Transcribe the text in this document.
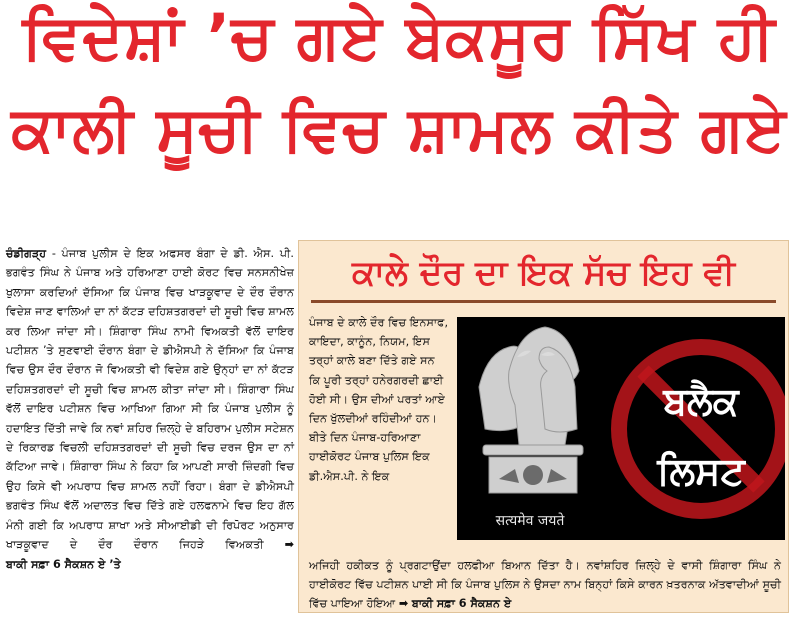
ਵਿਦੇਸ਼ਾਂ ’ਚ ਗਏ ਬੇਕਸੂਰ ਸਿੱਖ ਹੀ
ਕਾਲੀ ਸੂਚੀ ਵਿਚ ਸ਼ਾਮਲ ਕੀਤੇ ਗਏ
ਚੰਡੀਗੜ੍ਹ - ਪੰਜਾਬ ਪੁਲੀਸ ਦੇ ਇਕ ਅਫਸਰ ਬੰਗਾ ਦੇ ਡੀ. ਐਸ. ਪੀ. ਭਗਵੰਤ ਸਿੰਘ ਨੇ ਪੰਜਾਬ ਅਤੇ ਹਰਿਆਣਾ ਹਾਈ ਕੋਰਟ ਵਿਚ ਸਨਸਨੀਖੇਜ਼ ਖੁਲਾਸਾ ਕਰਦਿਆਂ ਦੱਸਿਆ ਕਿ ਪੰਜਾਬ ਵਿਚ ਖਾੜਕੂਵਾਦ ਦੇ ਦੌਰ ਦੌਰਾਨ ਵਿਦੇਸ਼ ਜਾਣ ਵਾਲਿਆਂ ਦਾ ਨਾਂ ਕੱਟੜ ਦਹਿਸ਼ਤਗਰਦਾਂ ਦੀ ਸੂਚੀ ਵਿਚ ਸ਼ਾਮਲ ਕਰ ਲਿਆ ਜਾਂਦਾ ਸੀ। ਸ਼ਿੰਗਾਰਾ ਸਿੰਘ ਨਾਮੀ ਵਿਅਕਤੀ ਵੱਲੋਂ ਦਾਇਰ ਪਟੀਸ਼ਨ ’ਤੇ ਸੁਣਵਾਈ ਦੌਰਾਨ ਬੰਗਾ ਦੇ ਡੀਐਸਪੀ ਨੇ ਦੱਸਿਆ ਕਿ ਪੰਜਾਬ ਵਿਚ ਉਸ ਦੌਰ ਦੌਰਾਨ ਜੋ ਵਿਅਕਤੀ ਵੀ ਵਿਦੇਸ਼ ਗਏ ਉਨ੍ਹਾਂ ਦਾ ਨਾਂ ਕੱਟੜ ਦਹਿਸ਼ਤਗਰਦਾਂ ਦੀ ਸੂਚੀ ਵਿਚ ਸ਼ਾਮਲ ਕੀਤਾ ਜਾਂਦਾ ਸੀ। ਸ਼ਿੰਗਾਰਾ ਸਿੰਘ ਵੱਲੋਂ ਦਾਇਰ ਪਟੀਸ਼ਨ ਵਿਚ ਆਖਿਆ ਗਿਆ ਸੀ ਕਿ ਪੰਜਾਬ ਪੁਲੀਸ ਨੂੰ ਹਦਾਇਤ ਦਿੱਤੀ ਜਾਵੇ ਕਿ ਨਵਾਂ ਸ਼ਹਿਰ ਜ਼ਿਲ੍ਹੇ ਦੇ ਬਹਿਰਾਮ ਪੁਲੀਸ ਸਟੇਸ਼ਨ ਦੇ ਰਿਕਾਰਡ ਵਿਚਲੀ ਦਹਿਸ਼ਤਗਰਦਾਂ ਦੀ ਸੂਚੀ ਵਿਚ ਦਰਜ ਉਸ ਦਾ ਨਾਂ ਕੱਟਿਆ ਜਾਵੇ। ਸ਼ਿੰਗਾਰਾ ਸਿੰਘ ਨੇ ਕਿਹਾ ਕਿ ਆਪਣੀ ਸਾਰੀ ਜ਼ਿੰਦਗੀ ਵਿਚ ਉਹ ਕਿਸੇ ਵੀ ਅਪਰਾਧ ਵਿਚ ਸ਼ਾਮਲ ਨਹੀਂ ਰਿਹਾ। ਬੰਗਾ ਦੇ ਡੀਐਸਪੀ ਭਗਵੰਤ ਸਿੰਘ ਵੱਲੋਂ ਅਦਾਲਤ ਵਿਚ ਦਿੱਤੇ ਗਏ ਹਲਫਨਾਮੇ ਵਿਚ ਇਹ ਗੱਲ ਮੰਨੀ ਗਈ ਕਿ ਅਪਰਾਧ ਸ਼ਾਖਾ ਅਤੇ ਸੀਆਈਡੀ ਦੀ ਰਿਪੋਰਟ ਅਨੁਸਾਰ ਖਾੜਕੂਵਾਦ ਦੇ ਦੌਰ ਦੌਰਾਨ ਜਿਹੜੇ ਵਿਅਕਤੀ ➡ ਬਾਕੀ ਸਫ਼ਾ 6 ਸੈਕਸ਼ਨ ਏ ’ਤੇ
ਕਾਲੇ ਦੌਰ ਦਾ ਇਕ ਸੱਚ ਇਹ ਵੀ

ਪੰਜਾਬ ਦੇ ਕਾਲੇ ਦੌਰ ਵਿਚ ਇਨਸਾਫ, ਕਾਇਦਾ, ਕਾਨੂੰਨ, ਨਿਯਮ, ਇਸ ਤਰ੍ਹਾਂ ਕਾਲੇ ਬਣਾ ਦਿੱਤੇ ਗਏ ਸਨ ਕਿ ਪੂਰੀ ਤਰ੍ਹਾਂ ਹਨੇਰਗਰਦੀ ਛਾਈ ਹੋਈ ਸੀ। ਉਸ ਦੀਆਂ ਪਰਤਾਂ ਆਏ ਦਿਨ ਖੁੱਲਦੀਆਂ ਰਹਿੰਦੀਆਂ ਹਨ। ਬੀਤੇ ਦਿਨ ਪੰਜਾਬ-ਹਰਿਆਣਾ ਹਾਈਕੋਰਟ ਪੰਜਾਬ ਪੁਲਿਸ ਇਕ ਡੀ.ਐਸ.ਪੀ. ਨੇ ਇਕ

सत्यमेव जयते
ਬਲੈਕ
ਲਿਸਟ
ਅਜਿਹੀ ਹਕੀਕਤ ਨੂੰ ਪ੍ਰਗਟਾਉਂਦਾ ਹਲਫੀਆ ਬਿਆਨ ਦਿੱਤਾ ਹੈ। ਨਵਾਂਸ਼ਹਿਰ ਜ਼ਿਲ੍ਹੇ ਦੇ ਵਾਸੀ ਸ਼ਿੰਗਾਰਾ ਸਿੰਘ ਨੇ ਹਾਈਕੋਰਟ ਵਿੱਚ ਪਟੀਸ਼ਨ ਪਾਈ ਸੀ ਕਿ ਪੰਜਾਬ ਪੁਲਿਸ ਨੇ ਉਸਦਾ ਨਾਮ ਬਿਨ੍ਹਾਂ ਕਿਸੇ ਕਾਰਨ ਖ਼ਤਰਨਾਕ ਅੱਤਵਾਦੀਆਂ ਸੂਚੀ ਵਿੱਚ ਪਾਇਆ ਹੋਇਆ ➡ ਬਾਕੀ ਸਫ਼ਾ 6 ਸੈਕਸ਼ਨ ਏ
